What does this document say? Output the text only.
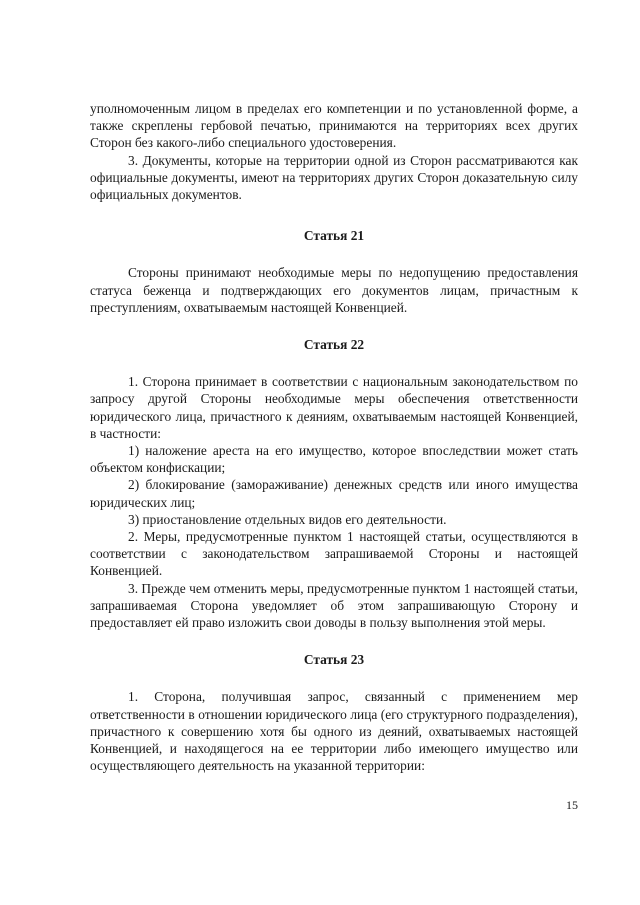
уполномоченным лицом в пределах его компетенции и по установленной форме, а также скреплены гербовой печатью, принимаются на территориях всех других Сторон без какого-либо специального удостоверения.

3. Документы, которые на территории одной из Сторон рассматриваются как официальные документы, имеют на территориях других Сторон доказательную силу официальных документов.

Статья 21

Стороны принимают необходимые меры по недопущению предоставления статуса беженца и подтверждающих его документов лицам, причастным к преступлениям, охватываемым настоящей Конвенцией.

Статья 22

1. Сторона принимает в соответствии с национальным законодательством по запросу другой Стороны необходимые меры обеспечения ответственности юридического лица, причастного к деяниям, охватываемым настоящей Конвенцией, в частности:

1) наложение ареста на его имущество, которое впоследствии может стать объектом конфискации;

2) блокирование (замораживание) денежных средств или иного имущества юридических лиц;

3) приостановление отдельных видов его деятельности.

2. Меры, предусмотренные пунктом 1 настоящей статьи, осуществляются в соответствии с законодательством запрашиваемой Стороны и настоящей Конвенцией.

3. Прежде чем отменить меры, предусмотренные пунктом 1 настоящей статьи, запрашиваемая Сторона уведомляет об этом запрашивающую Сторону и предоставляет ей право изложить свои доводы в пользу выполнения этой меры.

Статья 23

1. Сторона, получившая запрос, связанный с применением мер ответственности в отношении юридического лица (его структурного подразделения), причастного к совершению хотя бы одного из деяний, охватываемых настоящей Конвенцией, и находящегося на ее территории либо имеющего имущество или осуществляющего деятельность на указанной территории:

15
